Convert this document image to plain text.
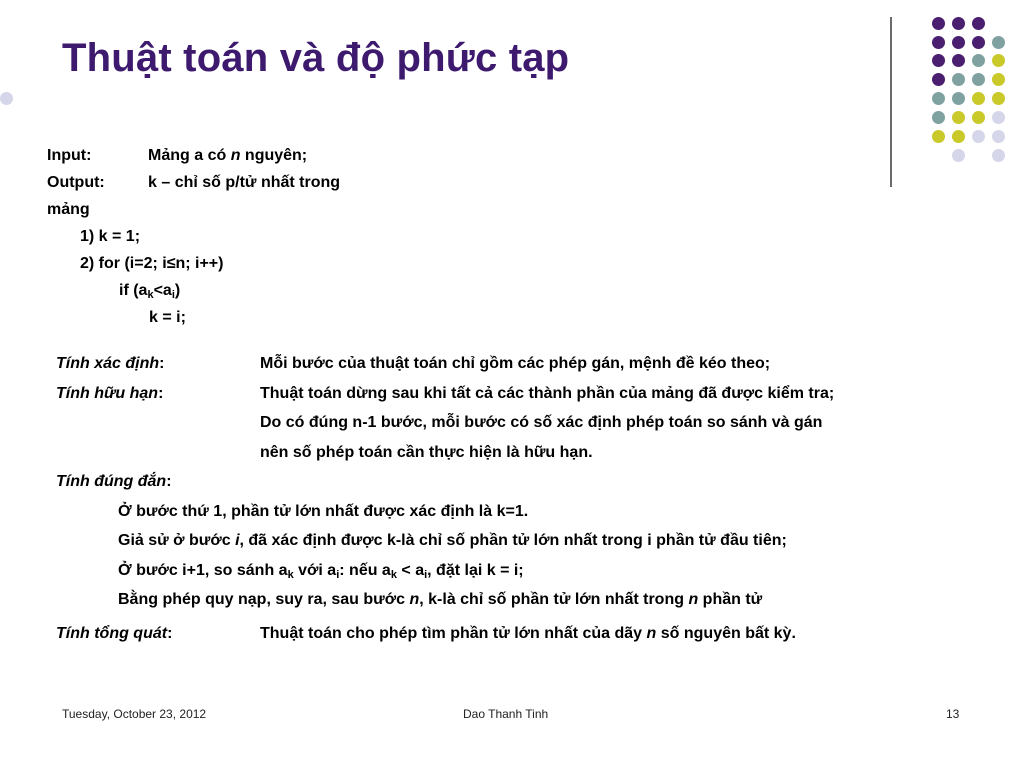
Thuật toán và độ phức tạp
Input:	Mảng a có n nguyên;
Output:	k – chỉ số p/tử nhất trong
mảng
1) k = 1;
2) for (i=2; i≤n; i++)
if $(a_k<a_i)$
k = i;
Tính xác định:	Mỗi bước của thuật toán chỉ gồm các phép gán, mệnh đề kéo theo;
Tính hữu hạn:	Thuật toán dừng sau khi tất cả các thành phần của mảng đã được kiểm tra;
Do có đúng n-1 bước, mỗi bước có số xác định phép toán so sánh và gán
nên số phép toán cần thực hiện là hữu hạn.
Tính đúng đắn:
Ở bước thứ 1, phần tử lớn nhất được xác định là k=1.
Giả sử ở bước i, đã xác định được k-là chỉ số phần tử lớn nhất trong i phần tử đầu tiên;
Ở bước i+1, so sánh $a_k$ với $a_i$: nếu $a_k < a_i$, đặt lại k = i;
Bằng phép quy nạp, suy ra, sau bước n, k-là chỉ số phần tử lớn nhất trong n phần tử
Tính tổng quát:	Thuật toán cho phép tìm phần tử lớn nhất của dãy n số nguyên bất kỳ.
Tuesday, October 23, 2012	Dao Thanh Tinh	13
